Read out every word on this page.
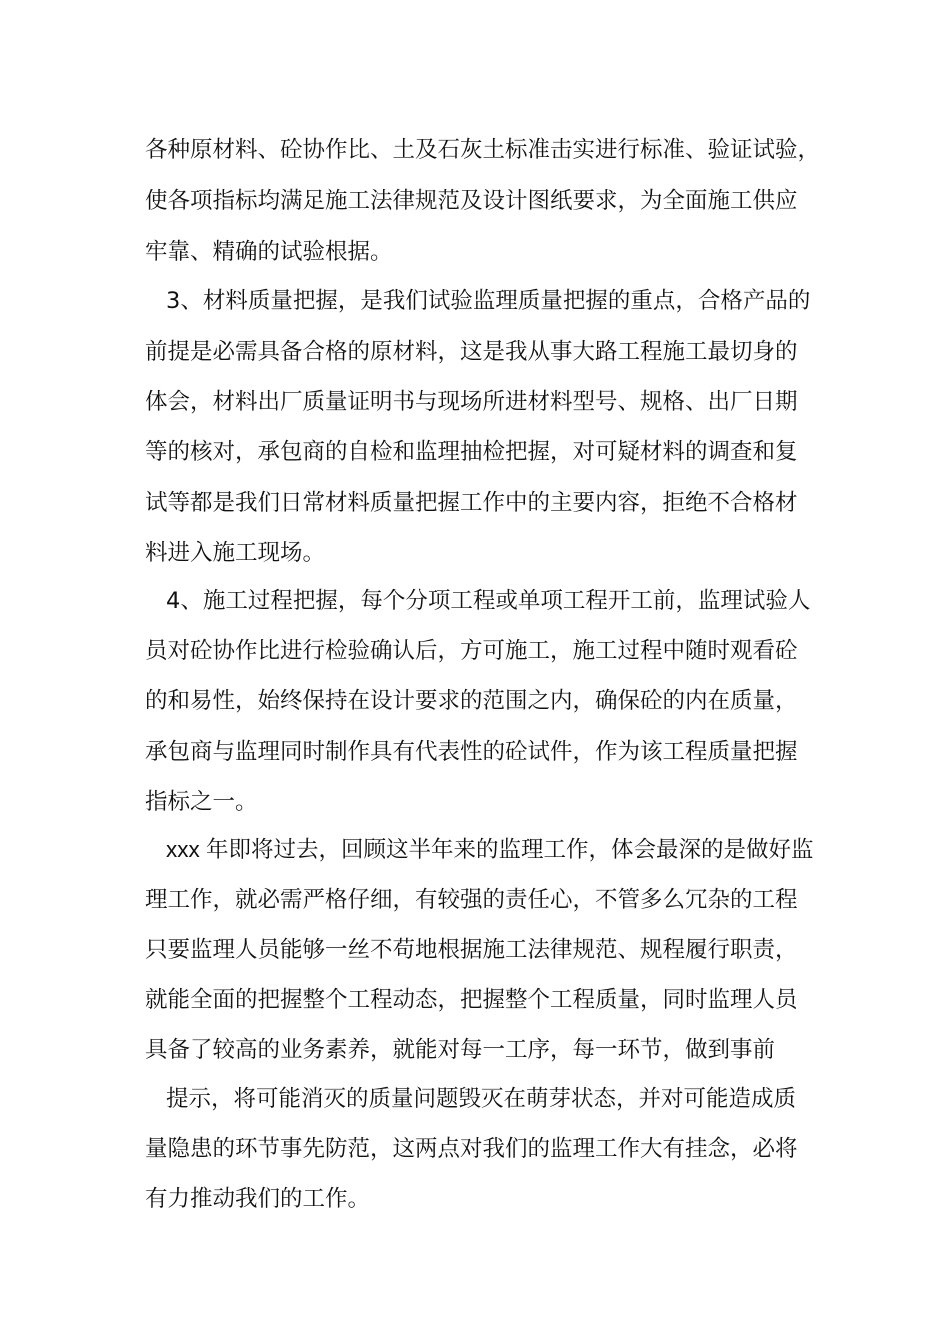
各种原材料、砼协作比、土及石灰土标准击实进行标准、验证试验，
使各项指标均满足施工法律规范及设计图纸要求，为全面施工供应
牢靠、精确的试验根据。
3、材料质量把握，是我们试验监理质量把握的重点，合格产品的
前提是必需具备合格的原材料，这是我从事大路工程施工最切身的
体会，材料出厂质量证明书与现场所进材料型号、规格、出厂日期
等的核对，承包商的自检和监理抽检把握，对可疑材料的调查和复
试等都是我们日常材料质量把握工作中的主要内容，拒绝不合格材
料进入施工现场。
4、施工过程把握，每个分项工程或单项工程开工前，监理试验人
员对砼协作比进行检验确认后，方可施工，施工过程中随时观看砼
的和易性，始终保持在设计要求的范围之内，确保砼的内在质量，
承包商与监理同时制作具有代表性的砼试件，作为该工程质量把握
指标之一。
xxx 年即将过去，回顾这半年来的监理工作，体会最深的是做好监
理工作，就必需严格仔细，有较强的责任心，不管多么冗杂的工程
只要监理人员能够一丝不苟地根据施工法律规范、规程履行职责，
就能全面的把握整个工程动态，把握整个工程质量，同时监理人员
具备了较高的业务素养，就能对每一工序，每一环节，做到事前
提示，将可能消灭的质量问题毁灭在萌芽状态，并对可能造成质
量隐患的环节事先防范，这两点对我们的监理工作大有挂念，必将
有力推动我们的工作。
